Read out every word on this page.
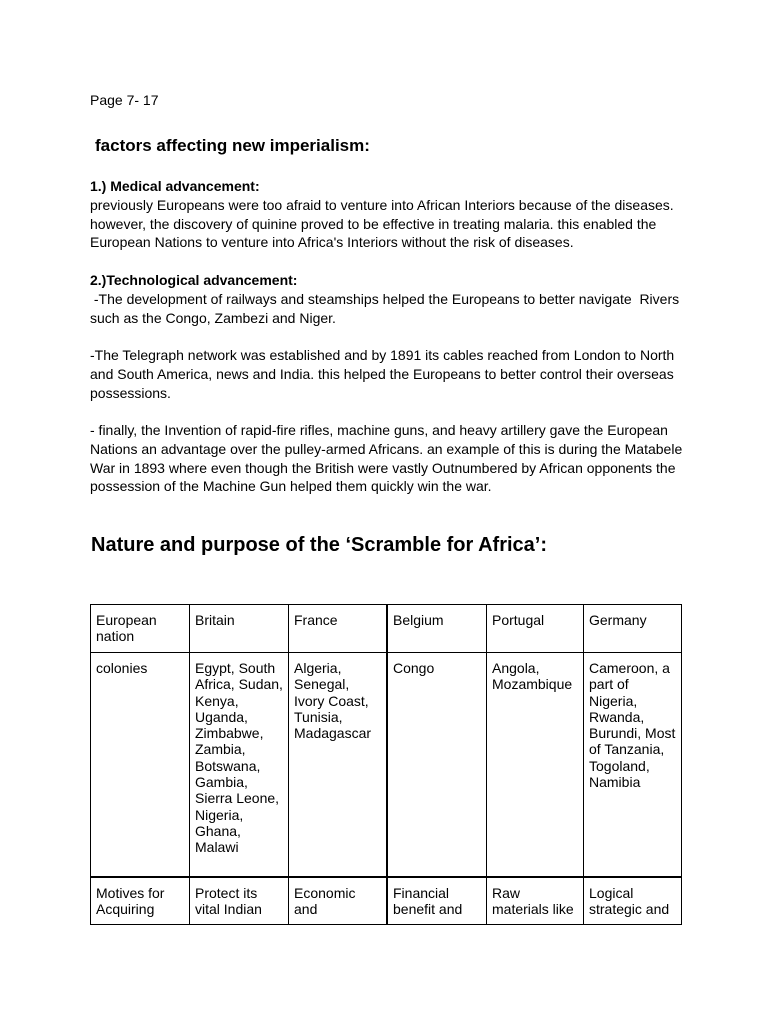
Page 7- 17
factors affecting new imperialism:
1.) Medical advancement:

previously Europeans were too afraid to venture into African Interiors because of the diseases. however, the discovery of quinine proved to be effective in treating malaria. this enabled the European Nations to venture into Africa's Interiors without the risk of diseases.

2.)Technological advancement:

-The development of railways and steamships helped the Europeans to better navigate  Rivers such as the Congo, Zambezi and Niger.

-The Telegraph network was established and by 1891 its cables reached from London to North and South America, news and India. this helped the Europeans to better control their overseas possessions.

- finally, the Invention of rapid-fire rifles, machine guns, and heavy artillery gave the European Nations an advantage over the pulley-armed Africans. an example of this is during the Matabele War in 1893 where even though the British were vastly Outnumbered by African opponents the possession of the Machine Gun helped them quickly win the war.

Nature and purpose of the ‘Scramble for Africa’:
European nation	Britain	France	Belgium	Portugal	Germany
colonies	Egypt, South Africa, Sudan, Kenya, Uganda, Zimbabwe, Zambia, Botswana, Gambia, Sierra Leone, Nigeria, Ghana, Malawi	Algeria, Senegal, Ivory Coast, Tunisia, Madagascar	Congo	Angola, Mozambique	Cameroon, a part of Nigeria, Rwanda, Burundi, Most of Tanzania, Togoland, Namibia
Motives for Acquiring	Protect its vital Indian	Economic and	Financial benefit and	Raw materials like	Logical strategic and
